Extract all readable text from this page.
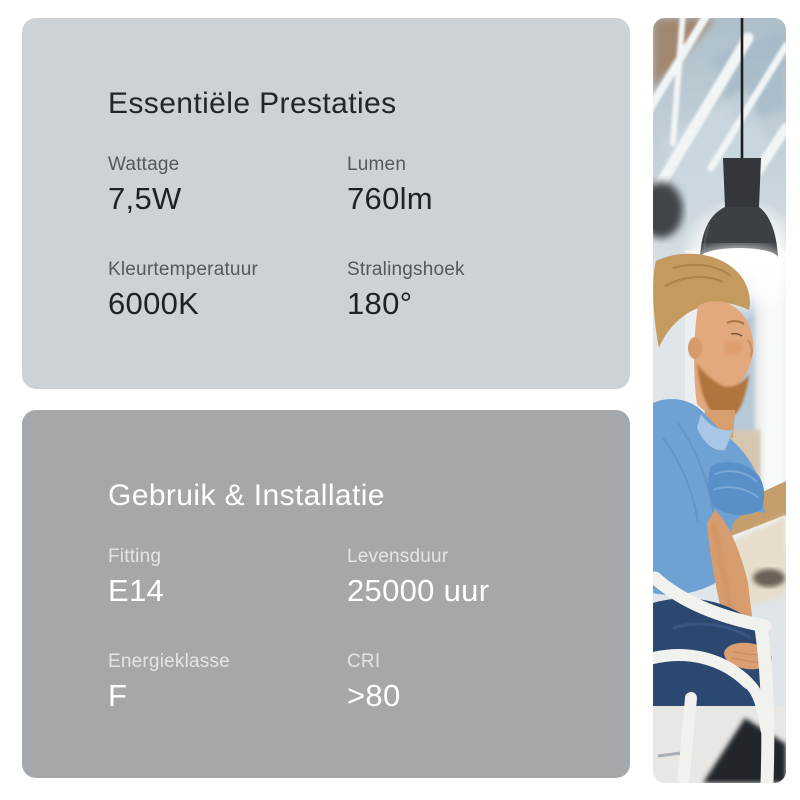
Essentiële Prestaties
Wattage
7,5W
Lumen
760lm
Kleurtemperatuur
6000K
Stralingshoek
180°
Gebruik & Installatie
Fitting
E14
Levensduur
25000 uur
Energieklasse
F
CRI
>80
